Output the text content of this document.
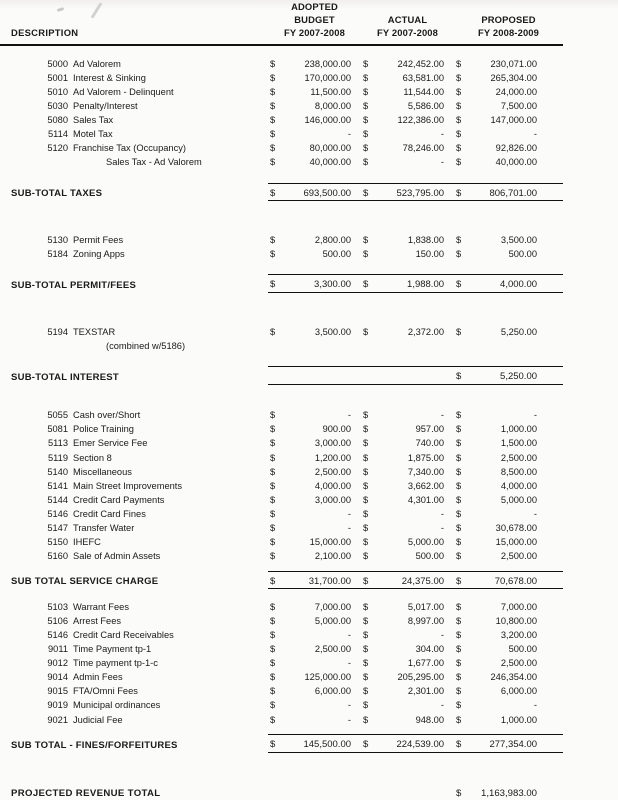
		ADOPTED						
		BUDGET		ACTUAL		PROPOSED		
DESCRIPTION		FY 2007-2008		FY 2007-2008		FY 2008-2009		

5000	Ad Valorem	$	238,000.00	$	242,452.00	$	230,071.00	
5001	Interest & Sinking	$	170,000.00	$	63,581.00	$	265,304.00	
5010	Ad Valorem - Delinquent	$	11,500.00	$	11,544.00	$	24,000.00	
5030	Penalty/Interest	$	8,000.00	$	5,586.00	$	7,500.00	
5080	Sales Tax	$	146,000.00	$	122,386.00	$	147,000.00	
5114	Motel Tax	$	-	$	-	$	-	
5120	Franchise Tax (Occupancy)	$	80,000.00	$	78,246.00	$	92,826.00	
	Sales Tax - Ad Valorem	$	40,000.00	$	-	$	40,000.00	

SUB-TOTAL TAXES		$	693,500.00	$	523,795.00	$	806,701.00	

5130	Permit Fees	$	2,800.00	$	1,838.00	$	3,500.00	
5184	Zoning Apps	$	500.00	$	150.00	$	500.00	

SUB-TOTAL PERMIT/FEES		$	3,300.00	$	1,988.00	$	4,000.00	

5194	TEXSTAR	$	3,500.00	$	2,372.00	$	5,250.00	
	(combined w/5186)							

SUB-TOTAL INTEREST						$	5,250.00	

5055	Cash over/Short	$	-	$	-	$	-	
5081	Police Training	$	900.00	$	957.00	$	1,000.00	
5113	Emer Service Fee	$	3,000.00	$	740.00	$	1,500.00	
5119	Section 8	$	1,200.00	$	1,875.00	$	2,500.00	
5140	Miscellaneous	$	2,500.00	$	7,340.00	$	8,500.00	
5141	Main Street Improvements	$	4,000.00	$	3,662.00	$	4,000.00	
5144	Credit Card Payments	$	3,000.00	$	4,301.00	$	5,000.00	
5146	Credit Card Fines	$	-	$	-	$	-	
5147	Transfer Water	$	-	$	-	$	30,678.00	
5150	IHEFC	$	15,000.00	$	5,000.00	$	15,000.00	
5160	Sale of Admin Assets	$	2,100.00	$	500.00	$	2,500.00	

SUB TOTAL SERVICE CHARGE		$	31,700.00	$	24,375.00	$	70,678.00	

5103	Warrant Fees	$	7,000.00	$	5,017.00	$	7,000.00	
5106	Arrest Fees	$	5,000.00	$	8,997.00	$	10,800.00	
5146	Credit Card Receivables	$	-	$	-	$	3,200.00	
9011	Time Payment tp-1	$	2,500.00	$	304.00	$	500.00	
9012	Time payment tp-1-c	$	-	$	1,677.00	$	2,500.00	
9014	Admin Fees	$	125,000.00	$	205,295.00	$	246,354.00	
9015	FTA/Omni Fees	$	6,000.00	$	2,301.00	$	6,000.00	
9019	Municipal ordinances	$	-	$	-	$	-	
9021	Judicial Fee	$	-	$	948.00	$	1,000.00	

SUB TOTAL - FINES/FORFEITURES		$	145,500.00	$	224,539.00	$	277,354.00	

PROJECTED REVENUE TOTAL						$	1,163,983.00	
